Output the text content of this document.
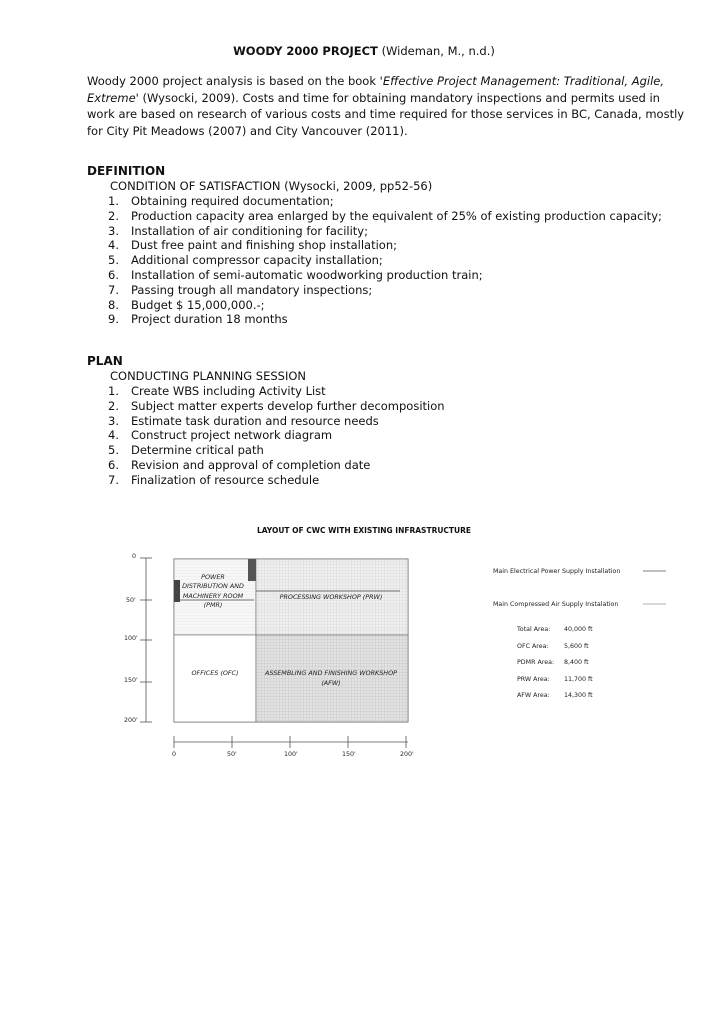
WOODY 2000 PROJECT (Wideman, M., n.d.)
Woody 2000 project analysis is based on the book 'Effective Project Management: Traditional, Agile, Extreme' (Wysocki, 2009). Costs and time for obtaining mandatory inspections and permits used in work are based on research of various costs and time required for those services in BC, Canada, mostly for City Pit Meadows (2007) and City Vancouver (2011).
DEFINITION
CONDITION OF SATISFACTION (Wysocki, 2009, pp52-56)
1.	Obtaining required documentation;
2.	Production capacity area enlarged by the equivalent of 25% of existing production capacity;
3.	Installation of air conditioning for facility;
4.	Dust free paint and finishing shop installation;
5.	Additional compressor capacity installation;
6.	Installation of semi-automatic woodworking production train;
7.	Passing trough all mandatory inspections;
8.	Budget $ 15,000,000.-;
9.	Project duration 18 months
PLAN
CONDUCTING PLANNING SESSION
1.	Create WBS including Activity List
2.	Subject matter experts develop further decomposition
3.	Estimate task duration and resource needs
4.	Construct project network diagram
5.	Determine critical path
6.	Revision and approval of completion date
7.	Finalization of resource schedule
LAYOUT OF CWC WITH EXISTING INFRASTRUCTURE
0
50'
100'
150'
200'
0	50'	100'	150'	200'
POWER
DISTRIBUTION AND
MACHINERY ROOM
(PMR)
PROCESSING WORKSHOP (PRW)
OFFICES (OFC)	ASSEMBLING AND FINISHING WORKSHOP
(AFW)
Main Electrical Power Supply Installation
Main Compressed Air Supply Instalation
Total Area: 40,000 ft
OFC Area: 5,600 ft
PDMR Area: 8,400 ft
PRW Area: 11,700 ft
AFW Area: 14,300 ft
